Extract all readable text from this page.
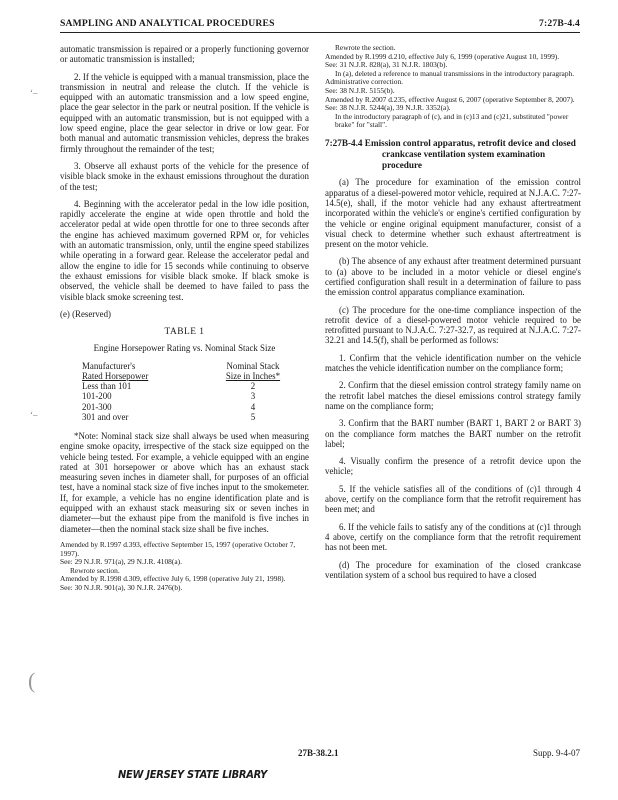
SAMPLING AND ANALYTICAL PROCEDURES	7:27B-4.4
‘–
‘–
(

automatic transmission is repaired or a properly functioning governor or automatic transmission is installed;

2. If the vehicle is equipped with a manual transmission, place the transmission in neutral and release the clutch. If the vehicle is equipped with an automatic transmission and a low speed engine, place the gear selector in the park or neutral position. If the vehicle is equipped with an automatic transmission, but is not equipped with a low speed engine, place the gear selector in drive or low gear. For both manual and automatic transmission vehicles, depress the brakes firmly throughout the remainder of the test;

3. Observe all exhaust ports of the vehicle for the presence of visible black smoke in the exhaust emissions throughout the duration of the test;

4. Beginning with the accelerator pedal in the low idle position, rapidly accelerate the engine at wide open throttle and hold the accelerator pedal at wide open throttle for one to three seconds after the engine has achieved maximum governed RPM or, for vehicles with an automatic transmission, only, until the engine speed stabilizes while operating in a forward gear. Release the accelerator pedal and allow the engine to idle for 15 seconds while continuing to observe the exhaust emissions for visible black smoke. If black smoke is observed, the vehicle shall be deemed to have failed to pass the visible black smoke screening test.

(e) (Reserved)

TABLE 1
Engine Horsepower Rating vs. Nominal Stack Size
Manufacturer's	Nominal Stack
Rated Horsepower	Size in Inches*
Less than 101	2
101-200	3
201-300	4
301 and over	5

*Note: Nominal stack size shall always be used when measuring engine smoke opacity, irrespective of the stack size equipped on the vehicle being tested. For example, a vehicle equipped with an engine rated at 301 horsepower or above which has an exhaust stack measuring seven inches in diameter shall, for purposes of an official test, have a nominal stack size of five inches input to the smokemeter. If, for example, a vehicle has no engine identification plate and is equipped with an exhaust stack measuring six or seven inches in diameter—but the exhaust pipe from the manifold is five inches in diameter—then the nominal stack size shall be five inches.

Amended by R.1997 d.393, effective September 15, 1997 (operative October 7, 1997).
See: 29 N.J.R. 971(a), 29 N.J.R. 4108(a).
Rewrote section.
Amended by R.1998 d.309, effective July 6, 1998 (operative July 21, 1998).
See: 30 N.J.R. 901(a), 30 N.J.R. 2476(b).
Rewrote the section.
Amended by R.1999 d.210, effective July 6, 1999 (operative August 10, 1999).
See: 31 N.J.R. 828(a), 31 N.J.R. 1803(b).
In (a), deleted a reference to manual transmissions in the introductory paragraph.
Administrative correction.
See: 38 N.J.R. 5155(b).
Amended by R.2007 d.235, effective August 6, 2007 (operative September 8, 2007).
See: 38 N.J.R. 5244(a), 39 N.J.R. 3352(a).
In the introductory paragraph of (c), and in (c)13 and (c)21, substituted "power brake" for "stall".
7:27B-4.4 Emission control apparatus, retrofit device and closed crankcase ventilation system examination procedure

(a) The procedure for examination of the emission control apparatus of a diesel-powered motor vehicle, required at N.J.A.C. 7:27-14.5(e), shall, if the motor vehicle had any exhaust aftertreatment incorporated within the vehicle's or engine's certified configuration by the vehicle or engine original equipment manufacturer, consist of a visual check to determine whether such exhaust aftertreatment is present on the motor vehicle.

(b) The absence of any exhaust after treatment determined pursuant to (a) above to be included in a motor vehicle or diesel engine's certified configuration shall result in a determination of failure to pass the emission control apparatus compliance examination.

(c) The procedure for the one-time compliance inspection of the retrofit device of a diesel-powered motor vehicle required to be retrofitted pursuant to N.J.A.C. 7:27-32.7, as required at N.J.A.C. 7:27-32.21 and 14.5(f), shall be performed as follows:

1. Confirm that the vehicle identification number on the vehicle matches the vehicle identification number on the compliance form;

2. Confirm that the diesel emission control strategy family name on the retrofit label matches the diesel emissions control strategy family name on the compliance form;

3. Confirm that the BART number (BART 1, BART 2 or BART 3) on the compliance form matches the BART number on the retrofit label;

4. Visually confirm the presence of a retrofit device upon the vehicle;

5. If the vehicle satisfies all of the conditions of (c)1 through 4 above, certify on the compliance form that the retrofit requirement has been met; and

6. If the vehicle fails to satisfy any of the conditions at (c)1 through 4 above, certify on the compliance form that the retrofit requirement has not been met.

(d) The procedure for examination of the closed crankcase ventilation system of a school bus required to have a closed

27B-38.2.1	Supp. 9-4-07
NEW JERSEY STATE LIBRARY
